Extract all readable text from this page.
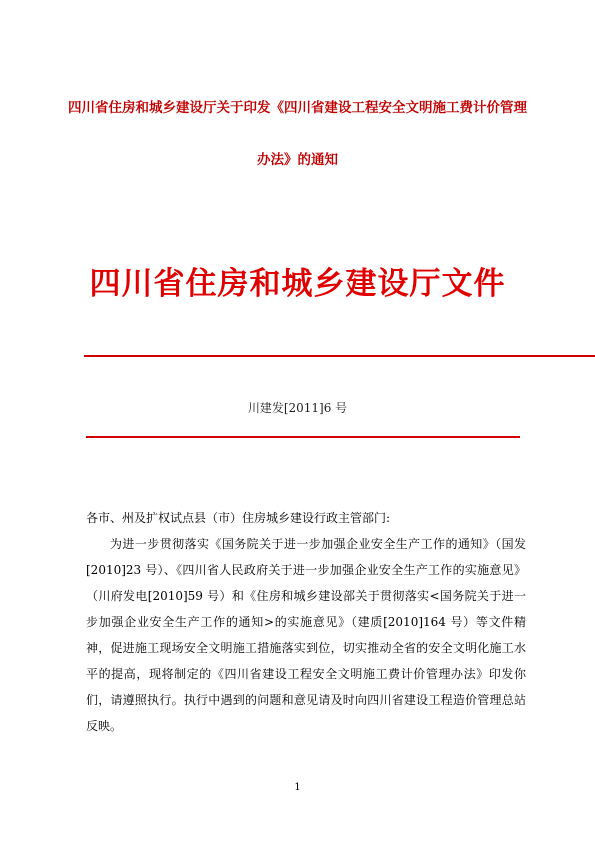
四川省住房和城乡建设厅关于印发《四川省建设工程安全文明施工费计价管理
办法》的通知
四川省住房和城乡建设厅文件
川建发[2011]6 号

各市、州及扩权试点县（市）住房城乡建设行政主管部门:

为进一步贯彻落实《国务院关于进一步加强企业安全生产工作的通知》（国发[2010]23 号）、《四川省人民政府关于进一步加强企业安全生产工作的实施意见》（川府发电[2010]59 号）和《住房和城乡建设部关于贯彻落实<国务院关于进一步加强企业安全生产工作的通知>的实施意见》（建质[2010]164 号）等文件精神，促进施工现场安全文明施工措施落实到位，切实推动全省的安全文明化施工水平的提高，现将制定的《四川省建设工程安全文明施工费计价管理办法》印发你们，请遵照执行。执行中遇到的问题和意见请及时向四川省建设工程造价管理总站反映。

1
